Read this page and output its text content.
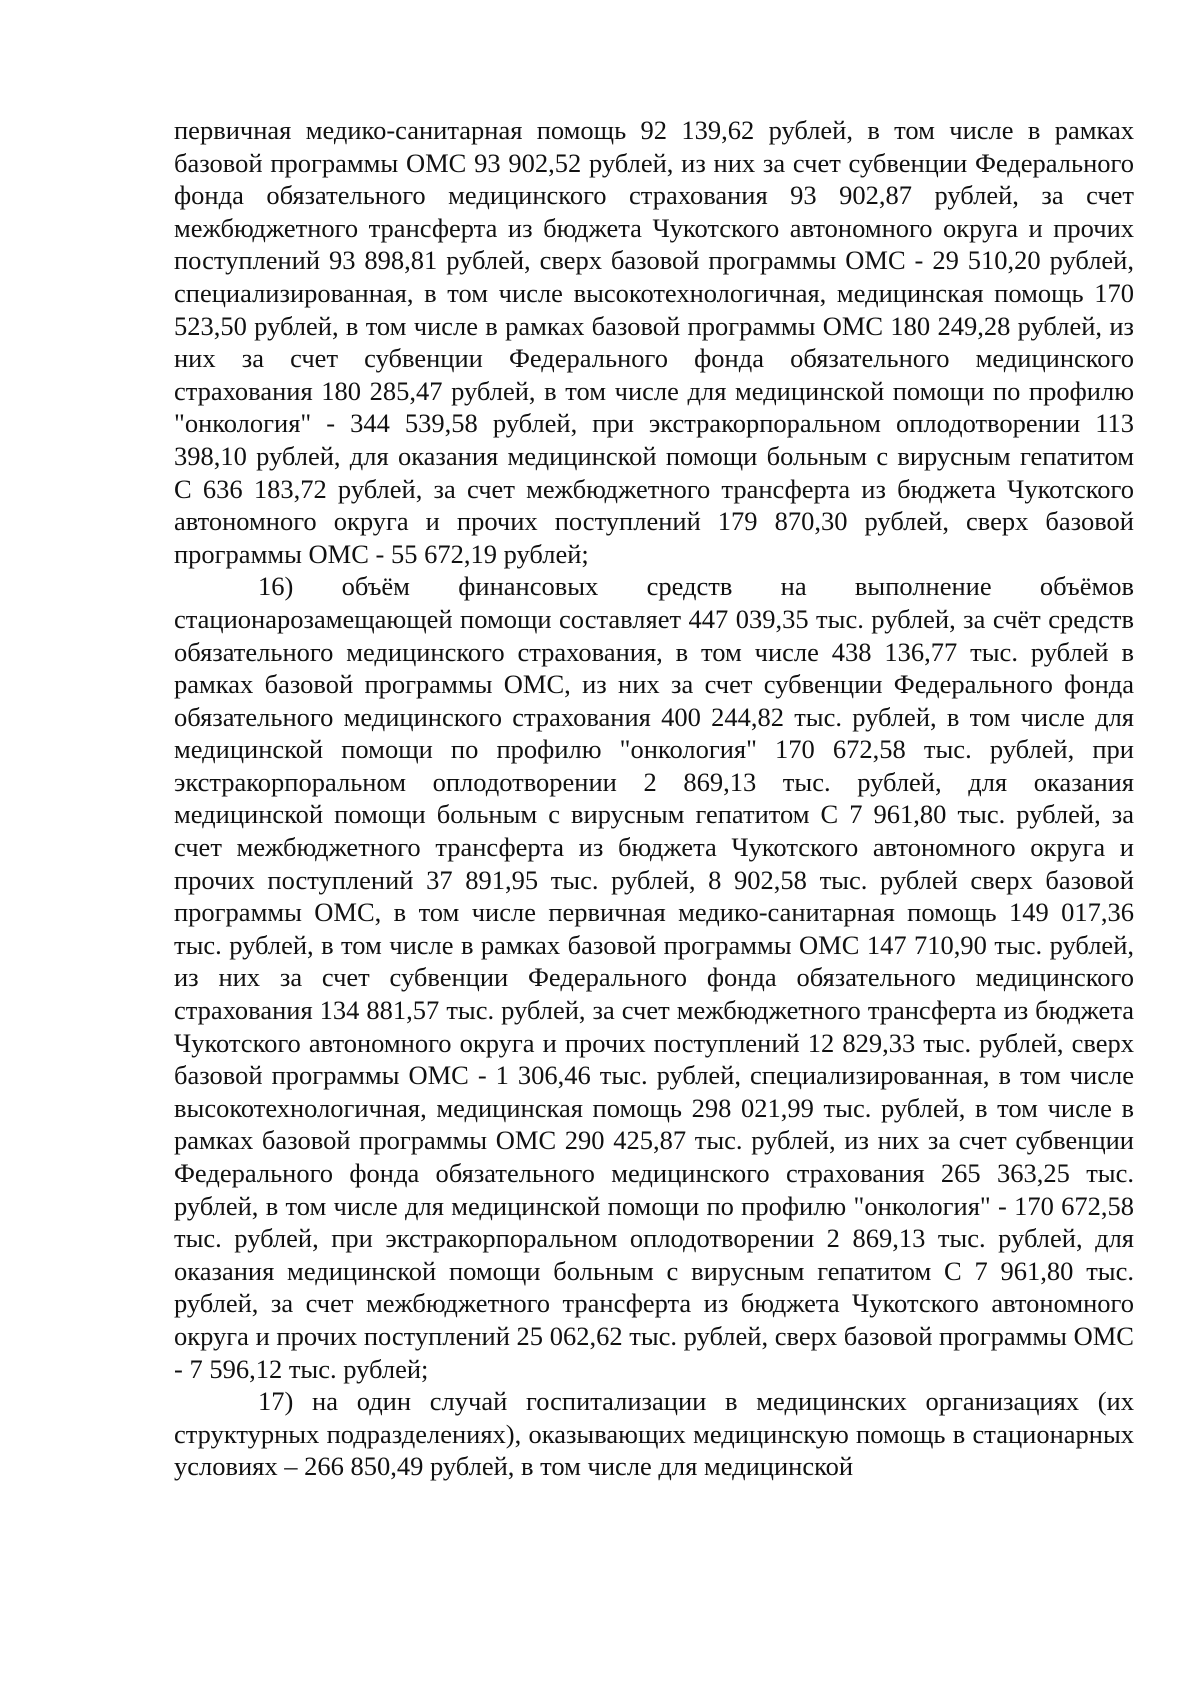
первичная медико-санитарная помощь 92 139,62 рублей, в том числе в рамках базовой программы ОМС 93 902,52 рублей, из них за счет субвенции Федерального фонда обязательного медицинского страхования 93 902,87 рублей, за счет межбюджетного трансферта из бюджета Чукотского автономного округа и прочих поступлений 93 898,81 рублей, сверх базовой программы ОМС - 29 510,20 рублей, специализированная, в том числе высокотехнологичная, медицинская помощь 170 523,50 рублей, в том числе в рамках базовой программы ОМС 180 249,28 рублей, из них за счет субвенции Федерального фонда обязательного медицинского страхования 180 285,47 рублей, в том числе для медицинской помощи по профилю "онкология" - 344 539,58 рублей, при экстракорпоральном оплодотворении 113 398,10 рублей, для оказания медицинской помощи больным с вирусным гепатитом С 636 183,72 рублей, за счет межбюджетного трансферта из бюджета Чукотского автономного округа и прочих поступлений 179 870,30 рублей, сверх базовой программы ОМС - 55 672,19 рублей;

16) объём финансовых средств на выполнение объёмов стационарозамещающей помощи составляет 447 039,35 тыс. рублей, за счёт средств обязательного медицинского страхования, в том числе 438 136,77 тыс. рублей в рамках базовой программы ОМС, из них за счет субвенции Федерального фонда обязательного медицинского страхования 400 244,82 тыс. рублей, в том числе для медицинской помощи по профилю "онкология" 170 672,58 тыс. рублей, при экстракорпоральном оплодотворении 2 869,13 тыс. рублей, для оказания медицинской помощи больным с вирусным гепатитом С 7 961,80 тыс. рублей, за счет межбюджетного трансферта из бюджета Чукотского автономного округа и прочих поступлений 37 891,95 тыс. рублей, 8 902,58 тыс. рублей сверх базовой программы ОМС, в том числе первичная медико-санитарная помощь 149 017,36 тыс. рублей, в том числе в рамках базовой программы ОМС 147 710,90 тыс. рублей, из них за счет субвенции Федерального фонда обязательного медицинского страхования 134 881,57 тыс. рублей, за счет межбюджетного трансферта из бюджета Чукотского автономного округа и прочих поступлений 12 829,33 тыс. рублей, сверх базовой программы ОМС - 1 306,46 тыс. рублей, специализированная, в том числе высокотехнологичная, медицинская помощь 298 021,99 тыс. рублей, в том числе в рамках базовой программы ОМС 290 425,87 тыс. рублей, из них за счет субвенции Федерального фонда обязательного медицинского страхования 265 363,25 тыс. рублей, в том числе для медицинской помощи по профилю "онкология" - 170 672,58 тыс. рублей, при экстракорпоральном оплодотворении 2 869,13 тыс. рублей, для оказания медицинской помощи больным с вирусным гепатитом С 7 961,80 тыс. рублей, за счет межбюджетного трансферта из бюджета Чукотского автономного округа и прочих поступлений 25 062,62 тыс. рублей, сверх базовой программы ОМС - 7 596,12 тыс. рублей;

17) на один случай госпитализации в медицинских организациях (их структурных подразделениях), оказывающих медицинскую помощь в стационарных условиях – 266 850,49 рублей, в том числе для медицинской
